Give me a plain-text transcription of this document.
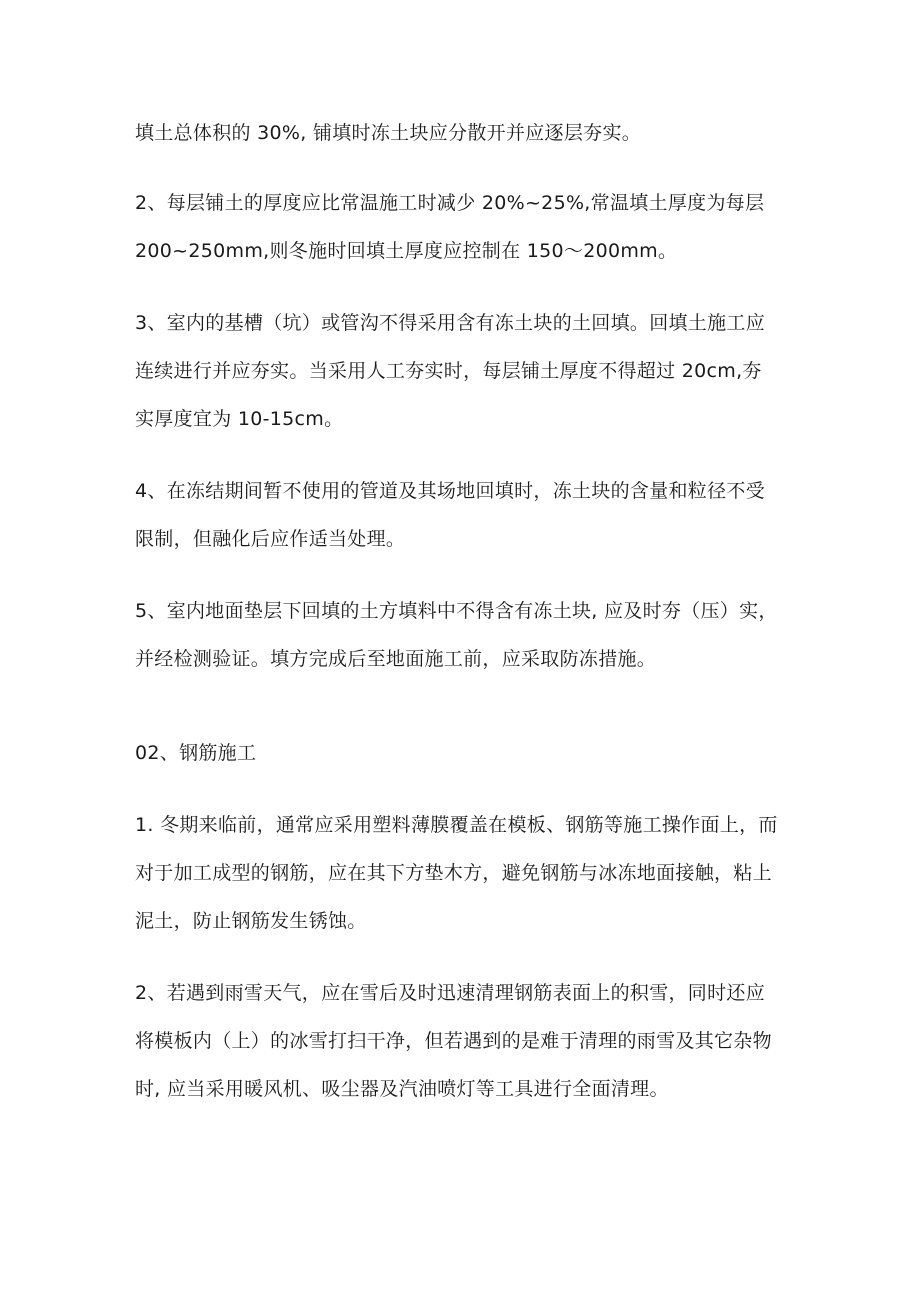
填土总体积的 30%, 铺填时冻土块应分散开并应逐层夯实。
2、每层铺土的厚度应比常温施工时减少 20%~25%,常温填土厚度为每层
200~250mm,则冬施时回填土厚度应控制在 150～200mm。
3、室内的基槽（坑）或管沟不得采用含有冻土块的土回填。回填土施工应
连续进行并应夯实。当采用人工夯实时，每层铺土厚度不得超过 20cm,夯
实厚度宜为 10-15cm。
4、在冻结期间暂不使用的管道及其场地回填时，冻土块的含量和粒径不受
限制，但融化后应作适当处理。
5、室内地面垫层下回填的土方填料中不得含有冻土块, 应及时夯（压）实，
并经检测验证。填方完成后至地面施工前，应采取防冻措施。
02、钢筋施工
1. 冬期来临前，通常应采用塑料薄膜覆盖在模板、钢筋等施工操作面上，而
对于加工成型的钢筋，应在其下方垫木方，避免钢筋与冰冻地面接触，粘上
泥土，防止钢筋发生锈蚀。
2、若遇到雨雪天气，应在雪后及时迅速清理钢筋表面上的积雪，同时还应
将模板内（上）的冰雪打扫干净，但若遇到的是难于清理的雨雪及其它杂物
时, 应当采用暖风机、吸尘器及汽油喷灯等工具进行全面清理。
